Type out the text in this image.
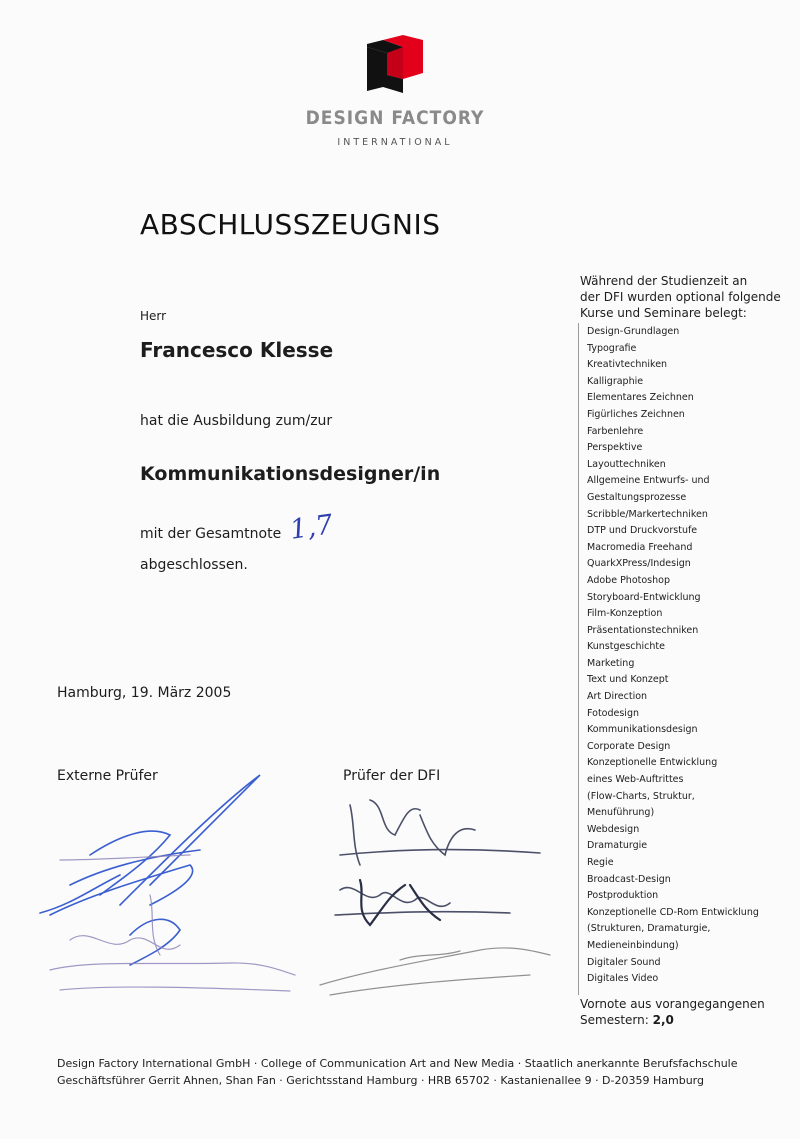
DESIGN FACTORY
INTERNATIONAL
ABSCHLUSSZEUGNIS
Herr
Francesco Klesse
hat die Ausbildung zum/zur
Kommunikationsdesigner/in
mit der Gesamtnote 1,7
abgeschlossen.
Hamburg, 19. März 2005
Externe Prüfer	Prüfer der DFI
Während der Studienzeit an
der DFI wurden optional folgende
Kurse und Seminare belegt:
Design-Grundlagen
Typografie
Kreativtechniken
Kalligraphie
Elementares Zeichnen
Figürliches Zeichnen
Farbenlehre
Perspektive
Layouttechniken
Allgemeine Entwurfs- und
Gestaltungsprozesse
Scribble/Markertechniken
DTP und Druckvorstufe
Macromedia Freehand
QuarkXPress/Indesign
Adobe Photoshop
Storyboard-Entwicklung
Film-Konzeption
Präsentationstechniken
Kunstgeschichte
Marketing
Text und Konzept
Art Direction
Fotodesign
Kommunikationsdesign
Corporate Design
Konzeptionelle Entwicklung
eines Web-Auftrittes
(Flow-Charts, Struktur,
Menuführung)
Webdesign
Dramaturgie
Regie
Broadcast-Design
Postproduktion
Konzeptionelle CD-Rom Entwicklung
(Strukturen, Dramaturgie,
Medieneinbindung)
Digitaler Sound
Digitales Video
Vornote aus vorangegangenen
Semestern: 2,0
Design Factory International GmbH · College of Communication Art and New Media · Staatlich anerkannte Berufsfachschule
Geschäftsführer Gerrit Ahnen, Shan Fan · Gerichtsstand Hamburg · HRB 65702 · Kastanienallee 9 · D-20359 Hamburg
